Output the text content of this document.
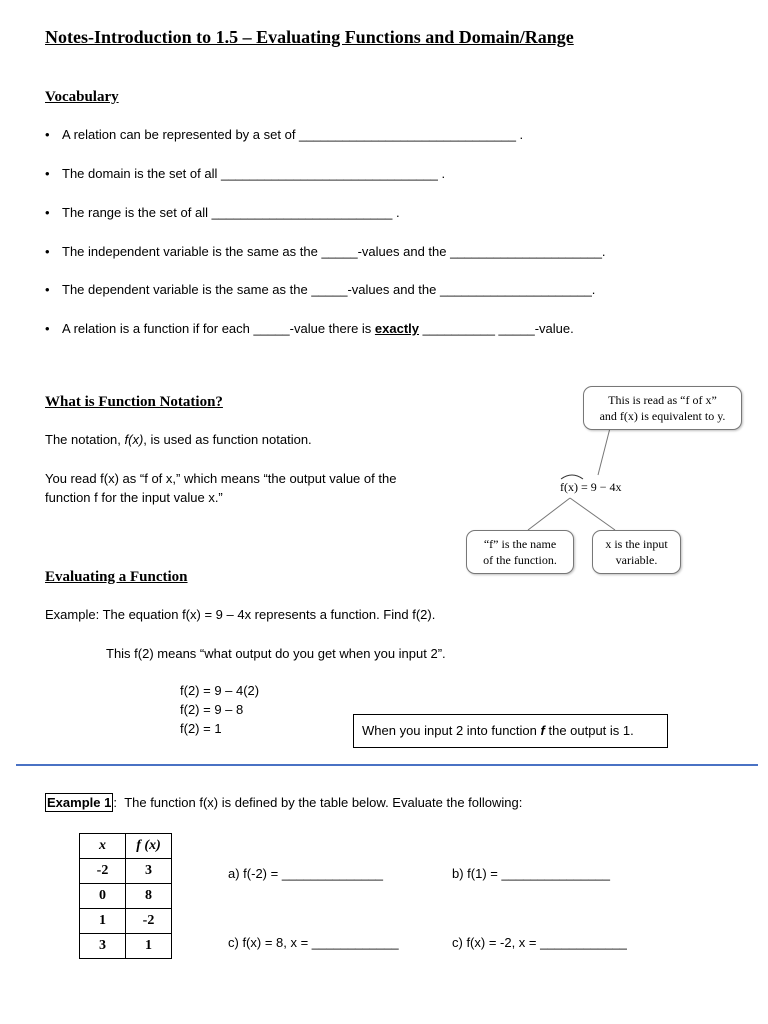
Notes-Introduction to 1.5 – Evaluating Functions and Domain/Range
Vocabulary
• A relation can be represented by a set of ______________________________ .
• The domain is the set of all ______________________________ .
• The range is the set of all _________________________ .
• The independent variable is the same as the _____-values and the _____________________.
• The dependent variable is the same as the _____-values and the _____________________.
• A relation is a function if for each _____-value there is exactly __________ _____-value.
What is Function Notation?
The notation, f(x), is used as function notation.
You read f(x) as “f of x,” which means “the output value of the
function f for the input value x.”
This is read as “f of x”
and f(x) is equivalent to y.
f(x) = 9 − 4x
“f” is the name
of the function.
x is the input
variable.
Evaluating a Function
Example: The equation f(x) = 9 – 4x represents a function. Find f(2).
This f(2) means “what output do you get when you input 2”.
f(2) = 9 – 4(2)
f(2) = 9 – 8
f(2) = 1	When you input 2 into function f the output is 1.
Example 1 : The function f(x) is defined by the table below. Evaluate the following:
x	f (x)
-2	3
0	8
1	-2
3	1
a) f(-2) = ______________	b) f(1) = _______________
c) f(x) = 8, x = ____________	c) f(x) = -2, x = ____________
